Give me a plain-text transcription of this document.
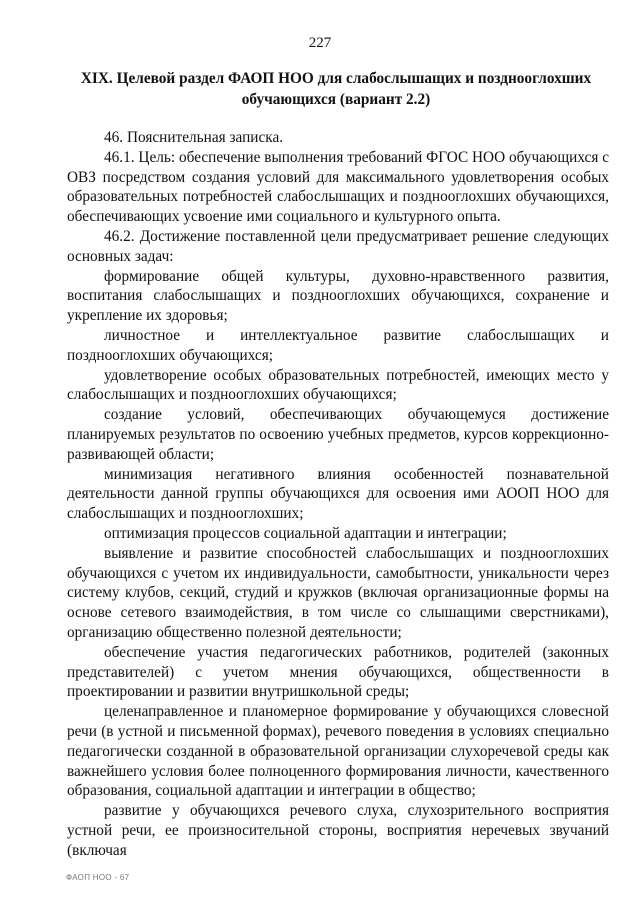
227
XIX. Целевой раздел ФАОП НОО для слабослышащих и позднооглохших обучающихся (вариант 2.2)

46. Пояснительная записка.

46.1. Цель: обеспечение выполнения требований ФГОС НОО обучающихся с ОВЗ посредством создания условий для максимального удовлетворения особых образовательных потребностей слабослышащих и позднооглохших обучающихся, обеспечивающих усвоение ими социального и культурного опыта.

46.2. Достижение поставленной цели предусматривает решение следующих основных задач:

формирование общей культуры, духовно-нравственного развития, воспитания слабослышащих и позднооглохших обучающихся, сохранение и укрепление их здоровья;

личностное и интеллектуальное развитие слабослышащих и позднооглохших обучающихся;

удовлетворение особых образовательных потребностей, имеющих место у слабослышащих и позднооглохших обучающихся;

создание условий, обеспечивающих обучающемуся достижение планируемых результатов по освоению учебных предметов, курсов коррекционно-развивающей области;

минимизация негативного влияния особенностей познавательной деятельности данной группы обучающихся для освоения ими АООП НОО для слабослышащих и позднооглохших;

оптимизация процессов социальной адаптации и интеграции;

выявление и развитие способностей слабослышащих и позднооглохших обучающихся с учетом их индивидуальности, самобытности, уникальности через систему клубов, секций, студий и кружков (включая организационные формы на основе сетевого взаимодействия, в том числе со слышащими сверстниками), организацию общественно полезной деятельности;

обеспечение участия педагогических работников, родителей (законных представителей) с учетом мнения обучающихся, общественности в проектировании и развитии внутришкольной среды;

целенаправленное и планомерное формирование у обучающихся словесной речи (в устной и письменной формах), речевого поведения в условиях специально педагогически созданной в образовательной организации слухоречевой среды как важнейшего условия более полноценного формирования личности, качественного образования, социальной адаптации и интеграции в общество;

развитие у обучающихся речевого слуха, слухозрительного восприятия устной речи, ее произносительной стороны, восприятия неречевых звучаний (включая

ФАОП НОО - 67
